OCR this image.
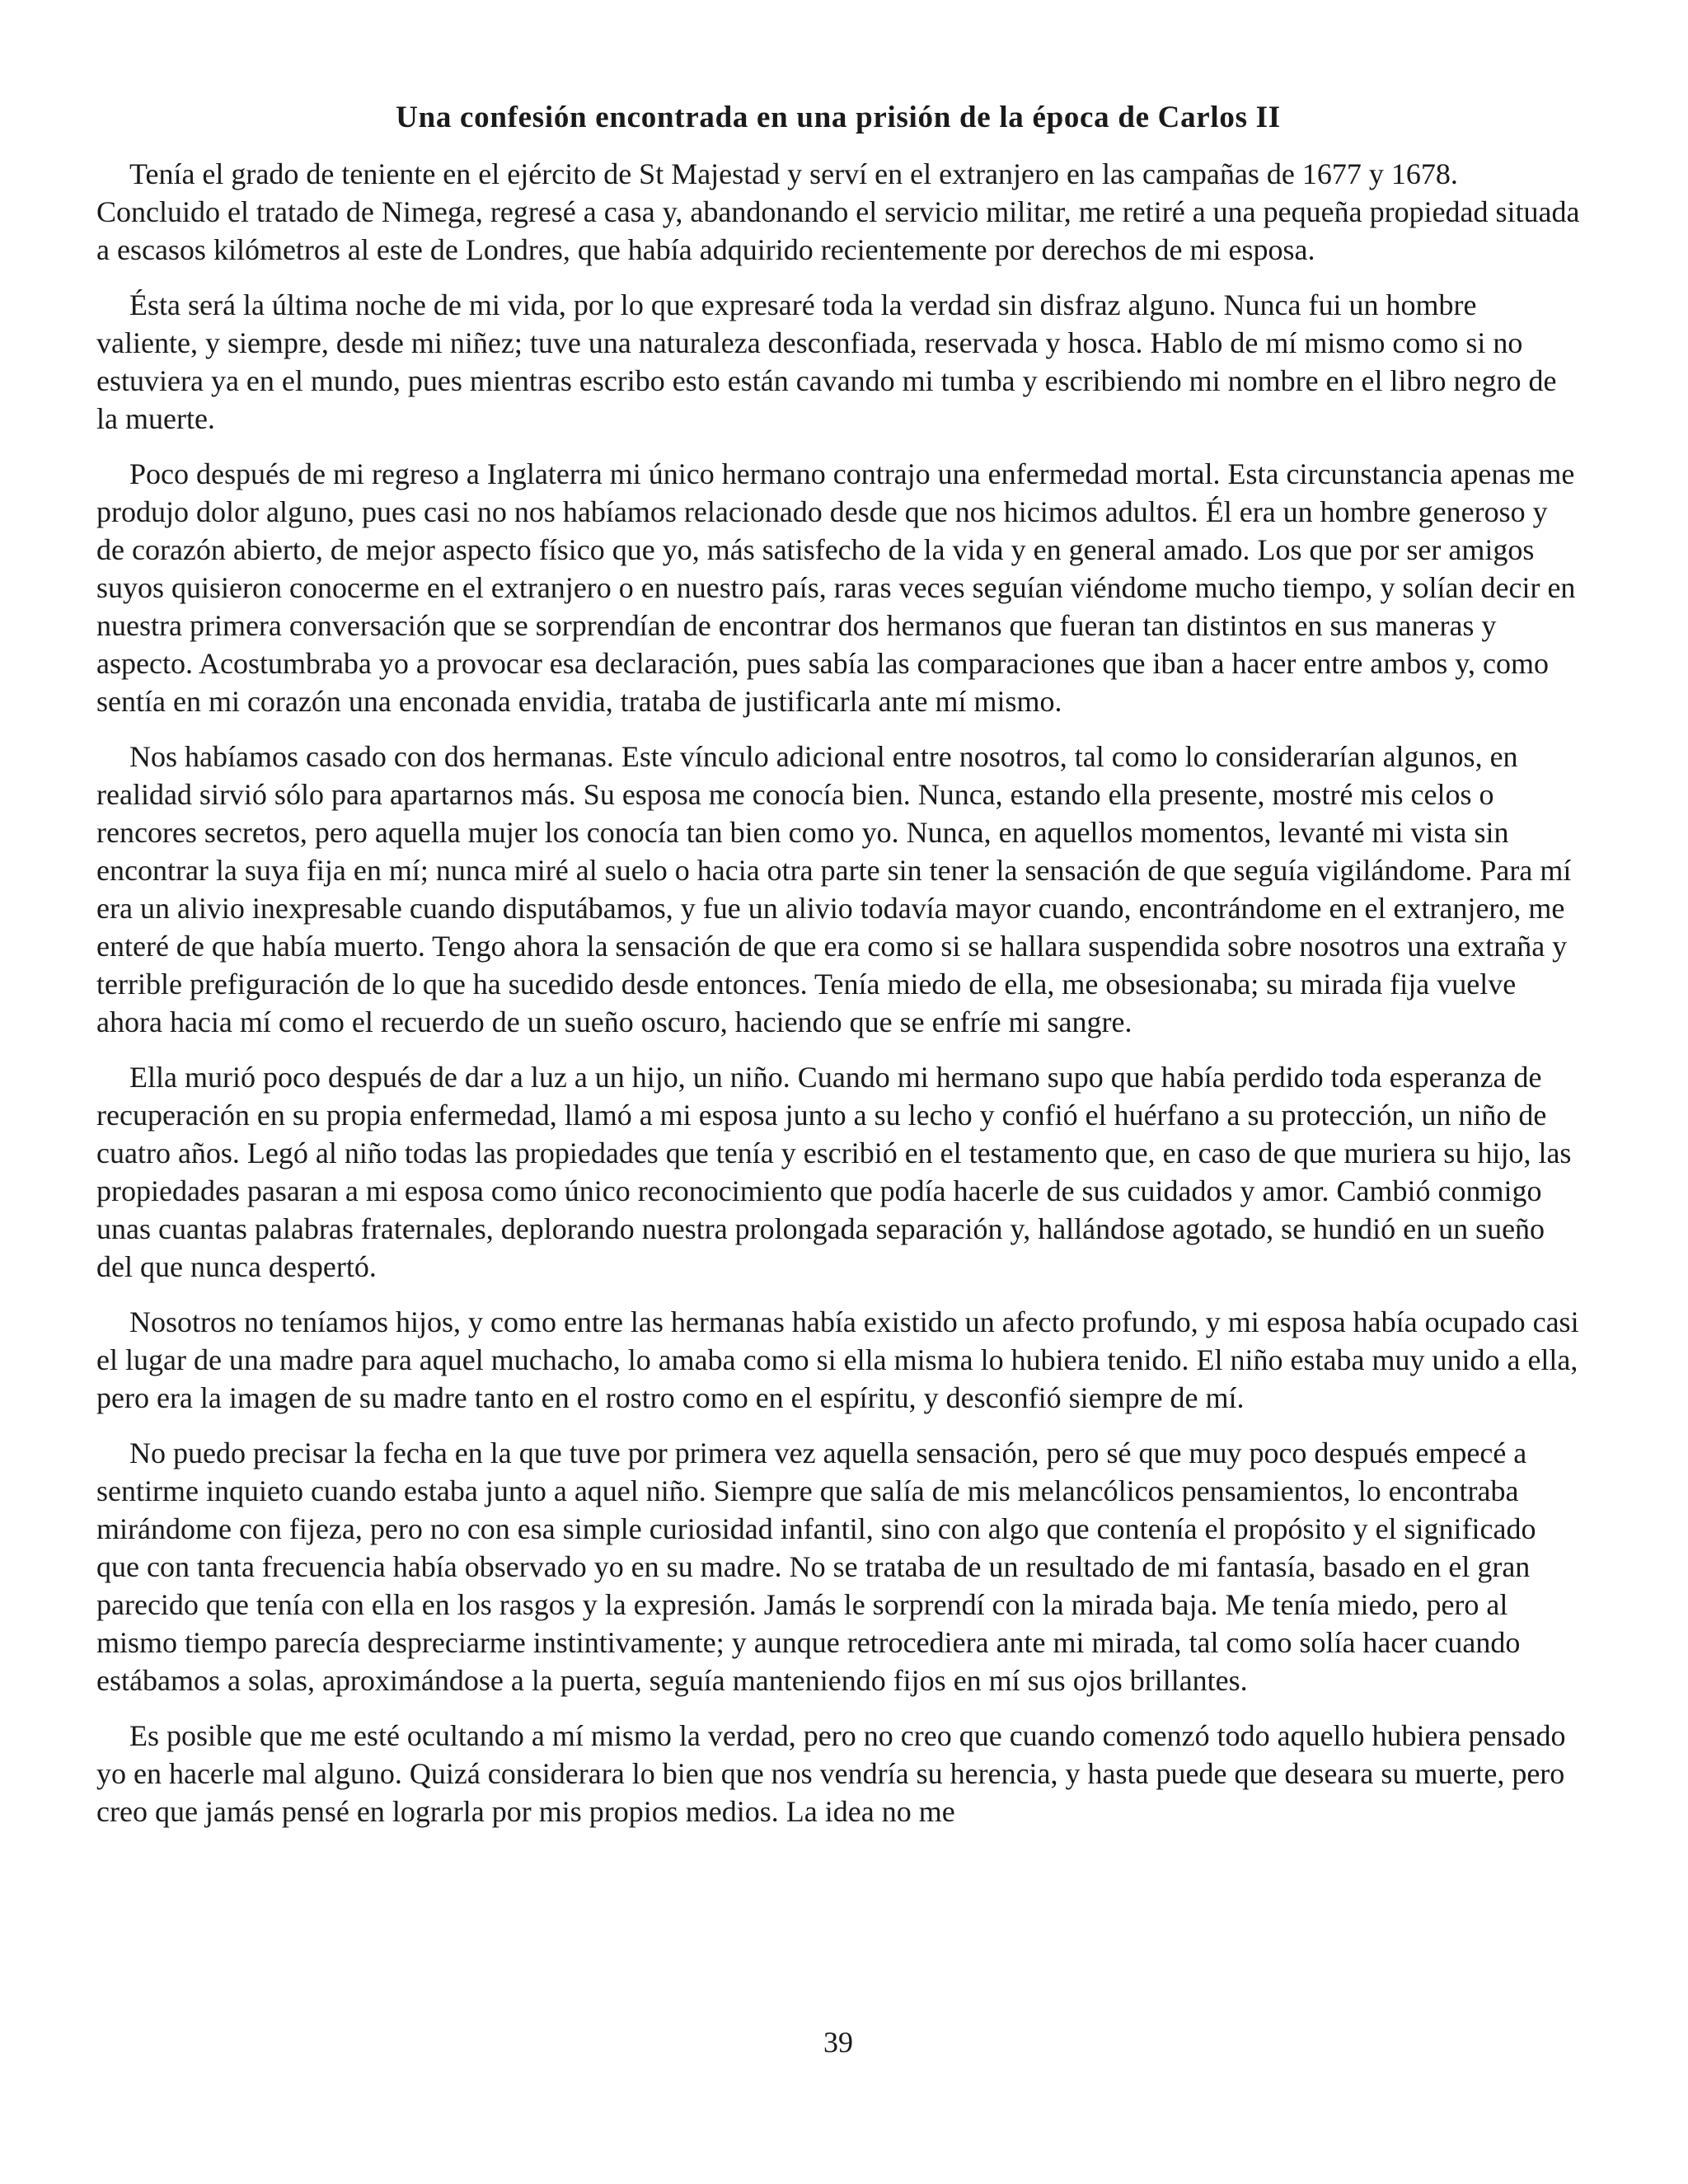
Una confesión encontrada en una prisión de la época de Carlos II

Tenía el grado de teniente en el ejército de St Majestad y serví en el extranjero en las campañas de 1677 y 1678. Concluido el tratado de Nimega, regresé a casa y, abandonando el servicio militar, me retiré a una pequeña propiedad situada a escasos kilómetros al este de Londres, que había adquirido recientemente por derechos de mi esposa.

Ésta será la última noche de mi vida, por lo que expresaré toda la verdad sin disfraz alguno. Nunca fui un hombre valiente, y siempre, desde mi niñez; tuve una naturaleza desconfiada, reservada y hosca. Hablo de mí mismo como si no estuviera ya en el mundo, pues mientras escribo esto están cavando mi tumba y escribiendo mi nombre en el libro negro de la muerte.

Poco después de mi regreso a Inglaterra mi único hermano contrajo una enfermedad mortal. Esta circunstancia apenas me produjo dolor alguno, pues casi no nos habíamos relacionado desde que nos hicimos adultos. Él era un hombre generoso y de corazón abierto, de mejor aspecto físico que yo, más satisfecho de la vida y en general amado. Los que por ser amigos suyos quisieron conocerme en el extranjero o en nuestro país, raras veces seguían viéndome mucho tiempo, y solían decir en nuestra primera conversación que se sorprendían de encontrar dos hermanos que fueran tan distintos en sus maneras y aspecto. Acostumbraba yo a provocar esa declaración, pues sabía las comparaciones que iban a hacer entre ambos y, como sentía en mi corazón una enconada envidia, trataba de justificarla ante mí mismo.

Nos habíamos casado con dos hermanas. Este vínculo adicional entre nosotros, tal como lo considerarían algunos, en realidad sirvió sólo para apartarnos más. Su esposa me conocía bien. Nunca, estando ella presente, mostré mis celos o rencores secretos, pero aquella mujer los conocía tan bien como yo. Nunca, en aquellos momentos, levanté mi vista sin encontrar la suya fija en mí; nunca miré al suelo o hacia otra parte sin tener la sensación de que seguía vigilándome. Para mí era un alivio inexpresable cuando disputábamos, y fue un alivio todavía mayor cuando, encontrándome en el extranjero, me enteré de que había muerto. Tengo ahora la sensación de que era como si se hallara suspendida sobre nosotros una extraña y terrible prefiguración de lo que ha sucedido desde entonces. Tenía miedo de ella, me obsesionaba; su mirada fija vuelve ahora hacia mí como el recuerdo de un sueño oscuro, haciendo que se enfríe mi sangre.

Ella murió poco después de dar a luz a un hijo, un niño. Cuando mi hermano supo que había perdido toda esperanza de recuperación en su propia enfermedad, llamó a mi esposa junto a su lecho y confió el huérfano a su protección, un niño de cuatro años. Legó al niño todas las propiedades que tenía y escribió en el testamento que, en caso de que muriera su hijo, las propiedades pasaran a mi esposa como único reconocimiento que podía hacerle de sus cuidados y amor. Cambió conmigo unas cuantas palabras fraternales, deplorando nuestra prolongada separación y, hallándose agotado, se hundió en un sueño del que nunca despertó.

Nosotros no teníamos hijos, y como entre las hermanas había existido un afecto profundo, y mi esposa había ocupado casi el lugar de una madre para aquel muchacho, lo amaba como si ella misma lo hubiera tenido. El niño estaba muy unido a ella, pero era la imagen de su madre tanto en el rostro como en el espíritu, y desconfió siempre de mí.

No puedo precisar la fecha en la que tuve por primera vez aquella sensación, pero sé que muy poco después empecé a sentirme inquieto cuando estaba junto a aquel niño. Siempre que salía de mis melancólicos pensamientos, lo encontraba mirándome con fijeza, pero no con esa simple curiosidad infantil, sino con algo que contenía el propósito y el significado que con tanta frecuencia había observado yo en su madre. No se trataba de un resultado de mi fantasía, basado en el gran parecido que tenía con ella en los rasgos y la expresión. Jamás le sorprendí con la mirada baja. Me tenía miedo, pero al mismo tiempo parecía despreciarme instintivamente; y aunque retrocediera ante mi mirada, tal como solía hacer cuando estábamos a solas, aproximándose a la puerta, seguía manteniendo fijos en mí sus ojos brillantes.

Es posible que me esté ocultando a mí mismo la verdad, pero no creo que cuando comenzó todo aquello hubiera pensado yo en hacerle mal alguno. Quizá considerara lo bien que nos vendría su herencia, y hasta puede que deseara su muerte, pero creo que jamás pensé en lograrla por mis propios medios. La idea no me

39
